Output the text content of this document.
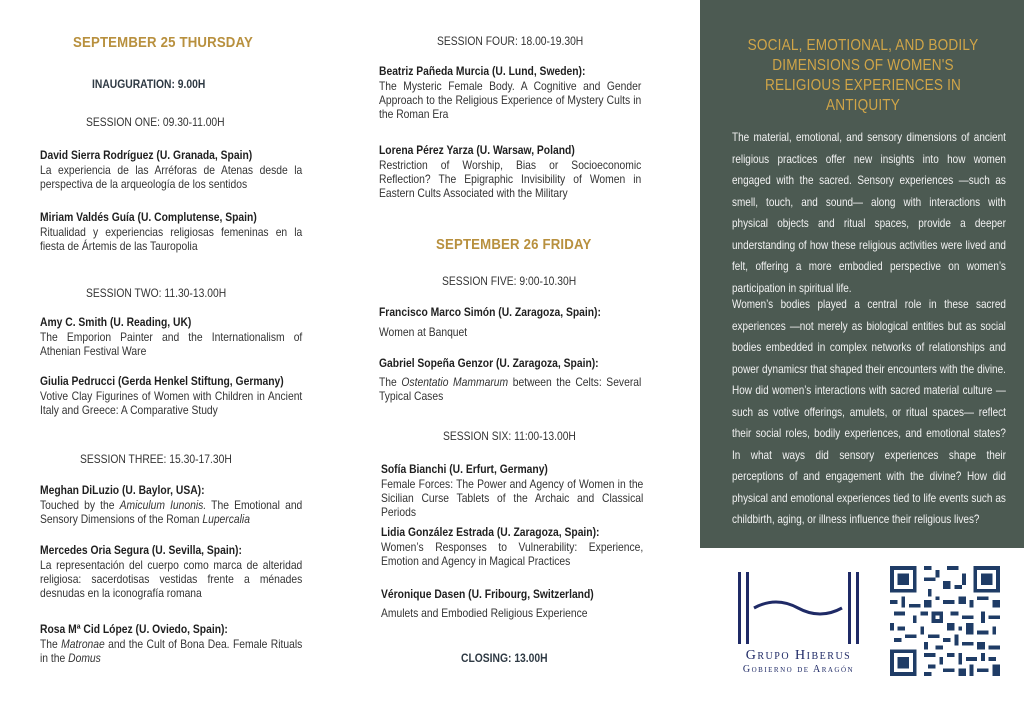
SEPTEMBER 25 THURSDAY
INAUGURATION: 9.00H
SESSION ONE: 09.30-11.00H
David Sierra Rodríguez (U. Granada, Spain)
La experiencia de las Arréforas de Atenas desde la perspectiva de la arqueología de los sentidos
Miriam Valdés Guía (U. Complutense, Spain)
Ritualidad y experiencias religiosas femeninas en la fiesta de Ártemis de las Tauropolia
SESSION TWO: 11.30-13.00H
Amy C. Smith (U. Reading, UK)
The Emporion Painter and the Internationalism of Athenian Festival Ware
Giulia Pedrucci (Gerda Henkel Stiftung, Germany)
Votive Clay Figurines of Women with Children in Ancient Italy and Greece: A Comparative Study
SESSION THREE: 15.30-17.30H
Meghan DiLuzio (U. Baylor, USA):
Touched by the Amiculum Iunonis. The Emotional and Sensory Dimensions of the Roman Lupercalia
Mercedes Oria Segura (U. Sevilla, Spain):
La representación del cuerpo como marca de alteridad religiosa: sacerdotisas vestidas frente a ménades desnudas en la iconografía romana
Rosa Mª Cid López (U. Oviedo, Spain):
The Matronae and the Cult of Bona Dea. Female Rituals in the Domus
SESSION FOUR: 18.00-19.30H
Beatriz Pañeda Murcia (U. Lund, Sweden):
The Mysteric Female Body. A Cognitive and Gender Approach to the Religious Experience of Mystery Cults in the Roman Era
Lorena Pérez Yarza (U. Warsaw, Poland)
Restriction of Worship, Bias or Socioeconomic Reflection? The Epigraphic Invisibility of Women in Eastern Cults Associated with the Military
SEPTEMBER 26 FRIDAY
SESSION FIVE: 9:00-10.30H
Francisco Marco Simón (U. Zaragoza, Spain):
Women at Banquet
Gabriel Sopeña Genzor (U. Zaragoza, Spain):
The Ostentatio Mammarum between the Celts: Several Typical Cases
SESSION SIX: 11:00-13.00H
Sofía Bianchi (U. Erfurt, Germany)
Female Forces: The Power and Agency of Women in the Sicilian Curse Tablets of the Archaic and Classical Periods
Lidia González Estrada (U. Zaragoza, Spain):
Women’s Responses to Vulnerability: Experience, Emotion and Agency in Magical Practices
Véronique Dasen (U. Fribourg, Switzerland)
Amulets and Embodied Religious Experience
CLOSING: 13.00H
SOCIAL, EMOTIONAL, AND BODILY DIMENSIONS OF WOMEN'S RELIGIOUS EXPERIENCES IN ANTIQUITY
The material, emotional, and sensory dimensions of ancient religious practices offer new insights into how women engaged with the sacred. Sensory experiences —such as smell, touch, and sound— along with interactions with physical objects and ritual spaces, provide a deeper understanding of how these religious activities were lived and felt, offering a more embodied perspective on women’s participation in spiritual life.
Women’s bodies played a central role in these sacred experiences —not merely as biological entities but as social bodies embedded in complex networks of relationships and power dynamicsr that shaped their encounters with the divine. How did women’s interactions with sacred material culture —such as votive offerings, amulets, or ritual spaces— reflect their social roles, bodily experiences, and emotional states? In what ways did sensory experiences shape their perceptions of and engagement with the divine? How did physical and emotional experiences tied to life events such as childbirth, aging, or illness influence their religious lives?
Grupo Hiberus
Gobierno de Aragón
